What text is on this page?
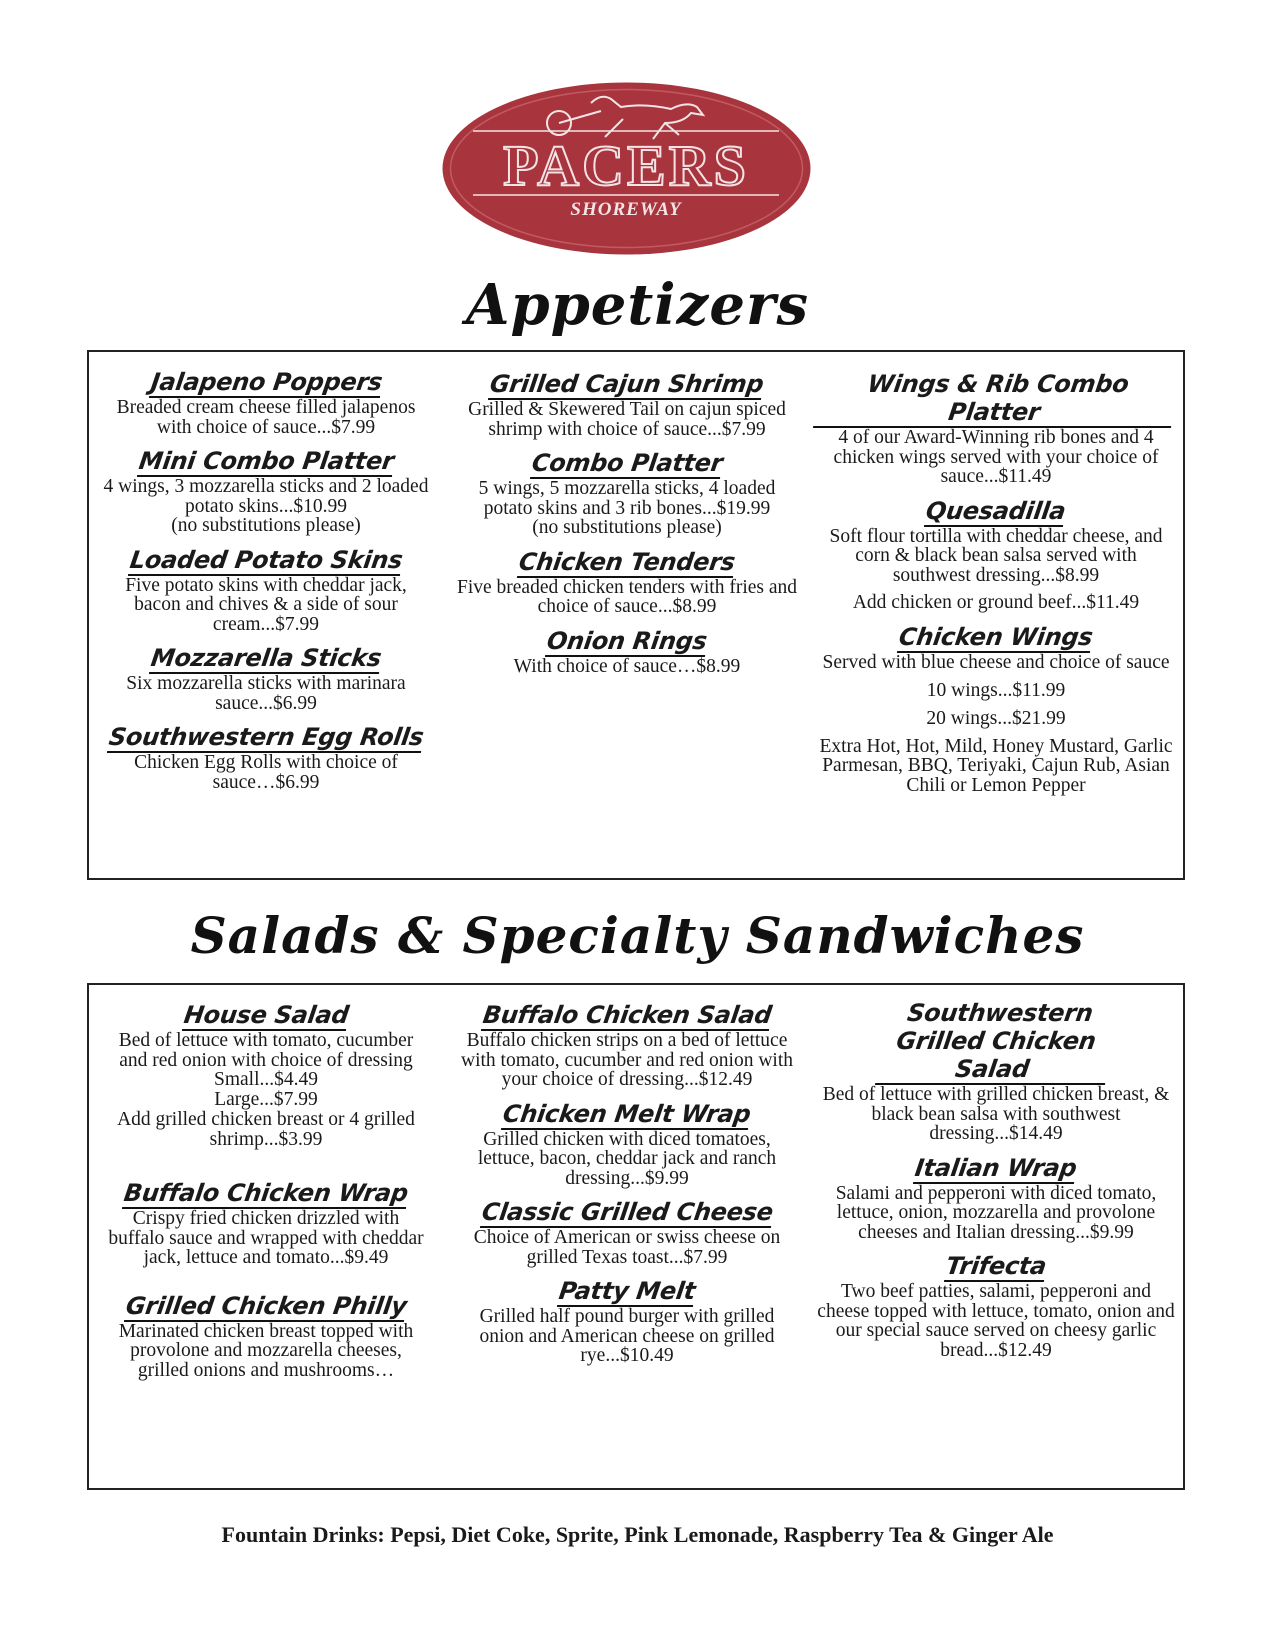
PACERS
SHOREWAY
Appetizers
Jalapeno Poppers
Breaded cream cheese filled jalapenos with choice of sauce...$7.99
Mini Combo Platter
4 wings, 3 mozzarella sticks and 2 loaded potato skins...$10.99
(no substitutions please)
Loaded Potato Skins
Five potato skins with cheddar jack, bacon and chives & a side of sour cream...$7.99
Mozzarella Sticks
Six mozzarella sticks with marinara sauce...$6.99
Southwestern Egg Rolls
Chicken Egg Rolls with choice of sauce…$6.99
Grilled Cajun Shrimp
Grilled & Skewered Tail on cajun spiced shrimp with choice of sauce...$7.99
Combo Platter
5 wings, 5 mozzarella sticks, 4 loaded potato skins and 3 rib bones...$19.99
(no substitutions please)
Chicken Tenders
Five breaded chicken tenders with fries and choice of sauce...$8.99
Onion Rings
With choice of sauce…$8.99
Wings & Rib Combo Platter
4 of our Award-Winning rib bones and 4 chicken wings served with your choice of sauce...$11.49
Quesadilla
Soft flour tortilla with cheddar cheese, and corn & black bean salsa served with southwest dressing...$8.99
Add chicken or ground beef...$11.49
Chicken Wings
Served with blue cheese and choice of sauce
10 wings...$11.99
20 wings...$21.99
Extra Hot, Hot, Mild, Honey Mustard, Garlic Parmesan, BBQ, Teriyaki, Cajun Rub, Asian Chili or Lemon Pepper
Salads & Specialty Sandwiches
House Salad
Bed of lettuce with tomato, cucumber and red onion with choice of dressing
Small...$4.49
Large...$7.99
Add grilled chicken breast or 4 grilled shrimp...$3.99
Buffalo Chicken Wrap
Crispy fried chicken drizzled with buffalo sauce and wrapped with cheddar jack, lettuce and tomato...$9.49
Grilled Chicken Philly
Marinated chicken breast topped with provolone and mozzarella cheeses, grilled onions and mushrooms…
Buffalo Chicken Salad
Buffalo chicken strips on a bed of lettuce with tomato, cucumber and red onion with your choice of dressing...$12.49
Chicken Melt Wrap
Grilled chicken with diced tomatoes, lettuce, bacon, cheddar jack and ranch dressing...$9.99
Classic Grilled Cheese
Choice of American or swiss cheese on grilled Texas toast...$7.99
Patty Melt
Grilled half pound burger with grilled onion and American cheese on grilled rye...$10.49
Southwestern Grilled Chicken Salad
Bed of lettuce with grilled chicken breast, & black bean salsa with southwest dressing...$14.49
Italian Wrap
Salami and pepperoni with diced tomato, lettuce, onion, mozzarella and provolone cheeses and Italian dressing...$9.99
Trifecta
Two beef patties, salami, pepperoni and cheese topped with lettuce, tomato, onion and our special sauce served on cheesy garlic bread...$12.49
Fountain Drinks: Pepsi, Diet Coke, Sprite, Pink Lemonade, Raspberry Tea & Ginger Ale
